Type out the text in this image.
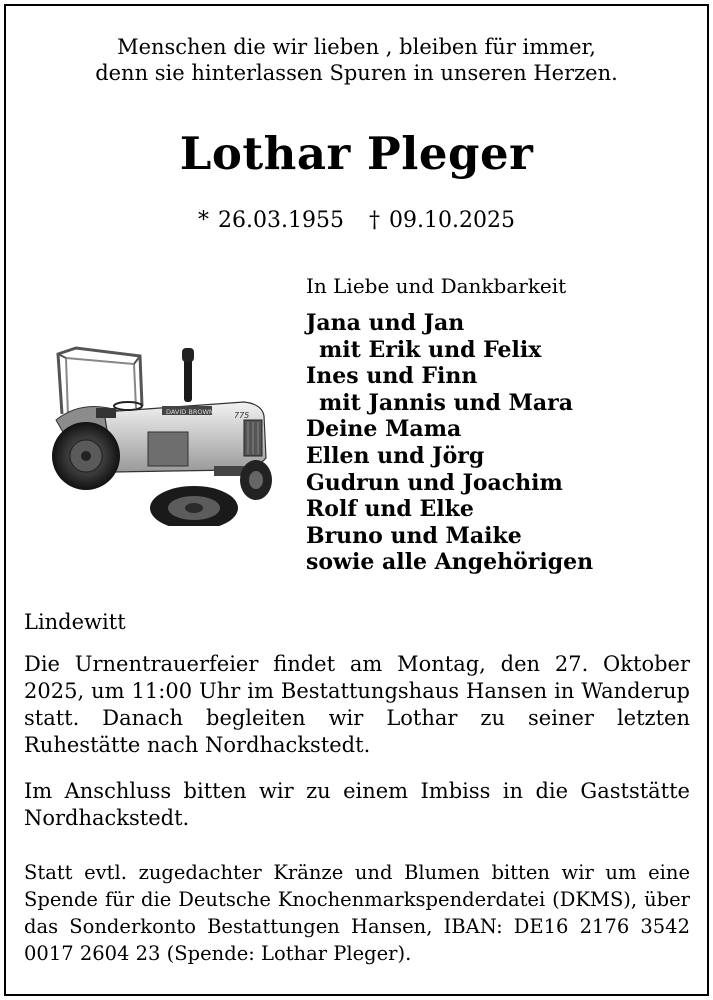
Menschen die wir lieben , bleiben für immer,
denn sie hinterlassen Spuren in unseren Herzen.
Lothar Pleger
* 26.03.1955 † 09.10.2025
DAVID BROWN	775
In Liebe und Dankbarkeit
Jana und Jan
mit Erik und Felix
Ines und Finn
mit Jannis und Mara
Deine Mama
Ellen und Jörg
Gudrun und Joachim
Rolf und Elke
Bruno und Maike
sowie alle Angehörigen
Lindewitt
Die Urnentrauerfeier findet am Montag, den 27. Oktober 2025, um 11:00 Uhr im Bestattungshaus Hansen in Wanderup statt. Danach begleiten wir Lothar zu seiner letzten Ruhestätte nach Nordhackstedt.
Im Anschluss bitten wir zu einem Imbiss in die Gaststätte Nordhackstedt.
Statt evtl. zugedachter Kränze und Blumen bitten wir um eine Spende für die Deutsche Knochenmarkspenderdatei (DKMS), über das Sonderkonto Bestattungen Hansen, IBAN: DE16 2176 3542 0017 2604 23 (Spende: Lothar Pleger).
